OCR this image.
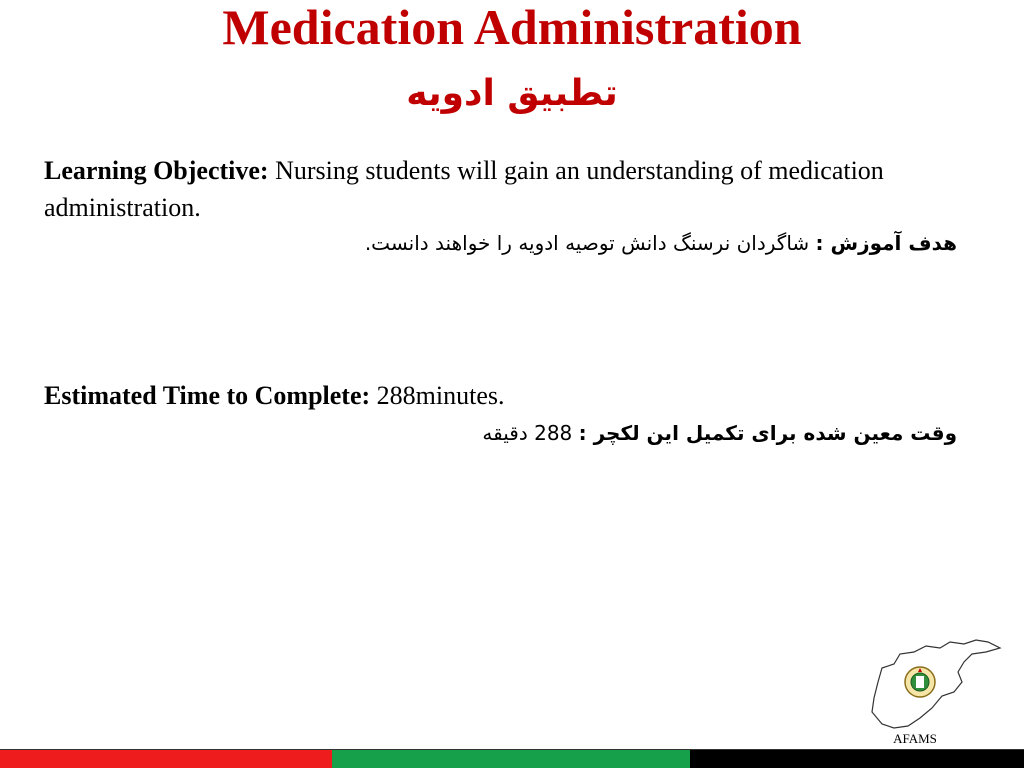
Medication Administration
تطبیق ادویه
Learning Objective: Nursing students will gain an understanding of medication administration.
هدف آموزش : شاگردان نرسنگ دانش توصیه ادویه را خواهند دانست.
Estimated Time to Complete: 288minutes.
وقت معین شده برای تکمیل این لکچر : 288 دقیقه
AFAMS
